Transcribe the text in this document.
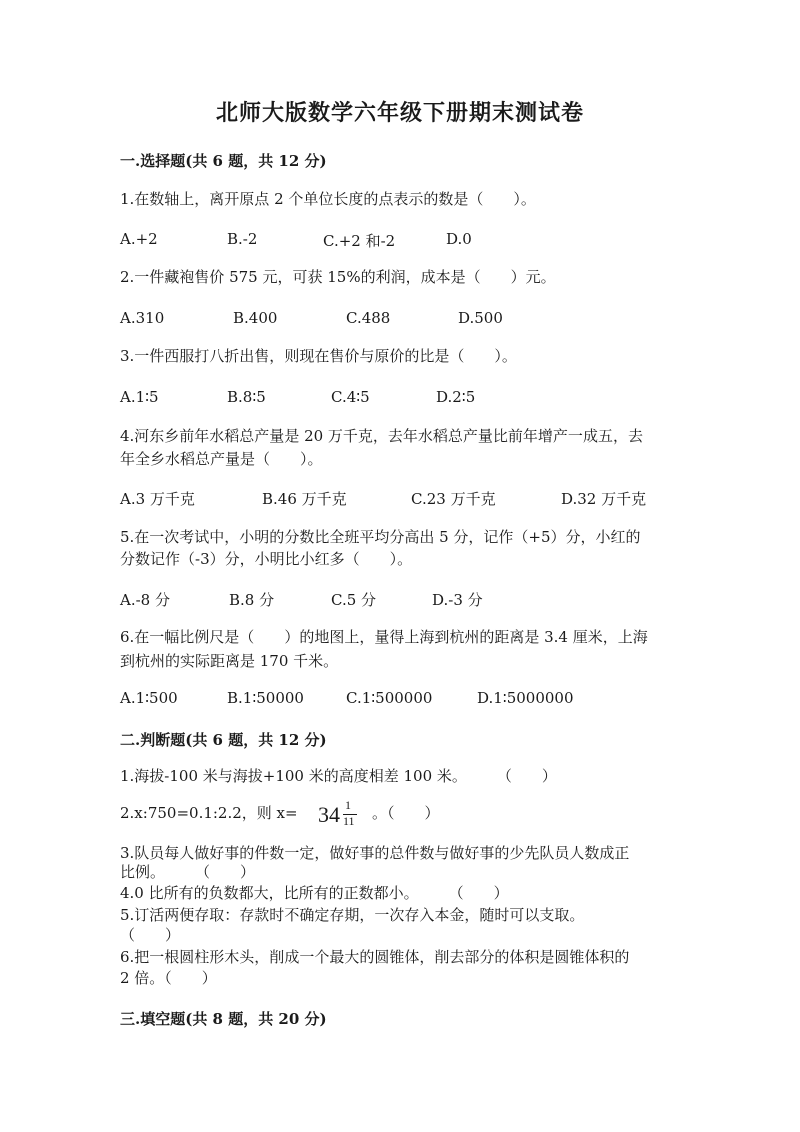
北师大版数学六年级下册期末测试卷
一.选择题(共 6 题，共 12 分)
1.在数轴上，离开原点 2 个单位长度的点表示的数是（　　）。
A.+2	B.-2	C.+2 和-2	D.0
2.一件藏袍售价 575 元，可获 15%的利润，成本是（　　）元。
A.310	B.400	C.488	D.500
3.一件西服打八折出售，则现在售价与原价的比是（　　）。
A.1∶5	B.8∶5	C.4∶5	D.2∶5
4.河东乡前年水稻总产量是 20 万千克，去年水稻总产量比前年增产一成五，去
年全乡水稻总产量是（　　）。
A.3 万千克	B.46 万千克	C.23 万千克	D.32 万千克
5.在一次考试中，小明的分数比全班平均分高出 5 分，记作（+5）分，小红的
分数记作（-3）分，小明比小红多（　　）。
A.-8 分	B.8 分	C.5 分	D.-3 分
6.在一幅比例尺是（　　）的地图上，量得上海到杭州的距离是 3.4 厘米，上海
到杭州的实际距离是 170 千米。
A.1∶500	B.1∶50000	C.1∶500000	D.1∶5000000
二.判断题(共 6 题，共 12 分)
1.海拔-100 米与海拔+100 米的高度相差 100 米。　　　（　　）
2.x:750=0.1:2.2，则 x= 34 1
11 。（　　）
3.队员每人做好事的件数一定，做好事的总件数与做好事的少先队员人数成正
比例。　　　（　　）
4.0 比所有的负数都大，比所有的正数都小。　　　（　　）
5.订活两便存取：存款时不确定存期，一次存入本金，随时可以支取。
（　　）
6.把一根圆柱形木头，削成一个最大的圆锥体，削去部分的体积是圆锥体积的
2 倍。（　　）
三.填空题(共 8 题，共 20 分)
